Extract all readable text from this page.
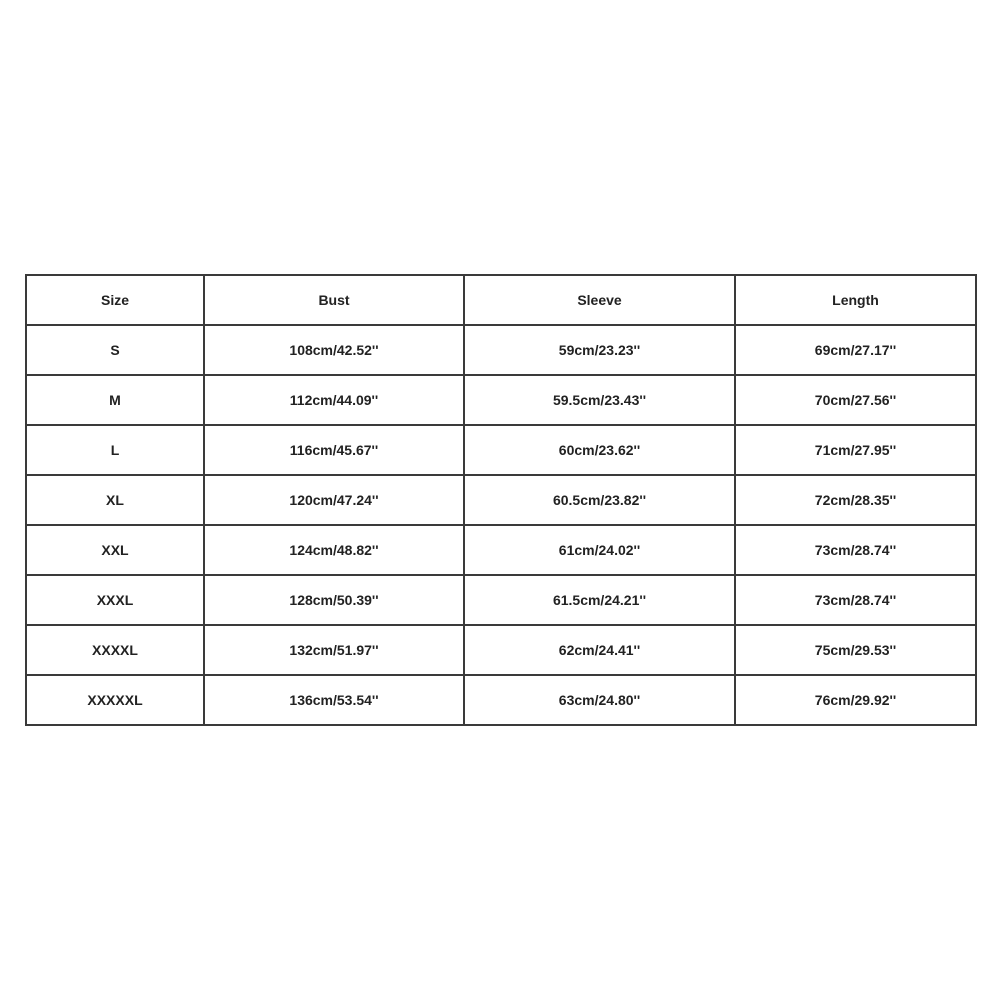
Size	Bust	Sleeve	Length
S	108cm/42.52''	59cm/23.23''	69cm/27.17''
M	112cm/44.09''	59.5cm/23.43''	70cm/27.56''
L	116cm/45.67''	60cm/23.62''	71cm/27.95''
XL	120cm/47.24''	60.5cm/23.82''	72cm/28.35''
XXL	124cm/48.82''	61cm/24.02''	73cm/28.74''
XXXL	128cm/50.39''	61.5cm/24.21''	73cm/28.74''
XXXXL	132cm/51.97''	62cm/24.41''	75cm/29.53''
XXXXXL	136cm/53.54''	63cm/24.80''	76cm/29.92''
